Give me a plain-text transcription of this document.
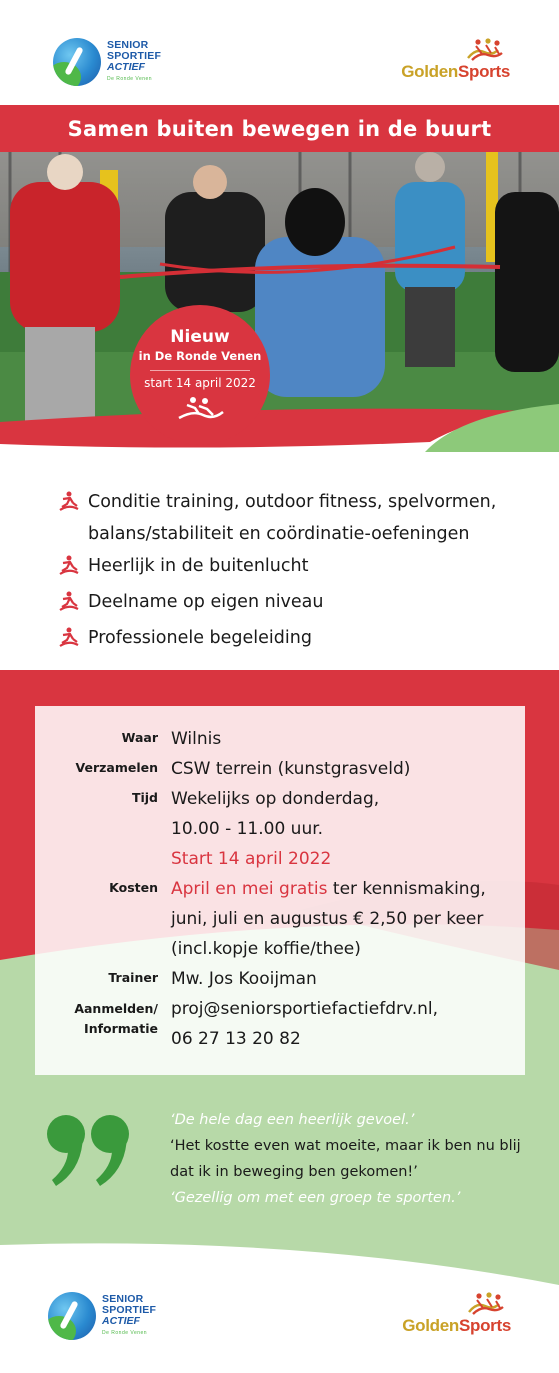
SENIOR
SPORTIEF
ACTIEF
De Ronde Venen	GoldenSports
Samen buiten bewegen in de buurt
Nieuw
in De Ronde Venen
start 14 april 2022
Conditie training, outdoor fitness, spelvormen, balans/stabiliteit en coördinatie-oefeningen
Heerlijk in de buitenlucht
Deelname op eigen niveau
Professionele begeleiding
Waar Wilnis
Verzamelen CSW terrein (kunstgrasveld)
Tijd Wekelijks op donderdag,
10.00 - 11.00 uur.
Start 14 april 2022
Kosten April en mei gratis ter kennismaking,
juni, juli en augustus € 2,50 per keer
(incl.kopje koffie/thee)
Trainer Mw. Jos Kooijman
Aanmelden/
Informatie
proj@seniorsportiefactiefdrv.nl,
06 27 13 20 82
‘De hele dag een heerlijk gevoel.’
‘Het kostte even wat moeite, maar ik ben nu blij dat ik in beweging ben gekomen!’
‘Gezellig om met een groep te sporten.’
SENIOR
SPORTIEF
ACTIEF
De Ronde Venen	GoldenSports
